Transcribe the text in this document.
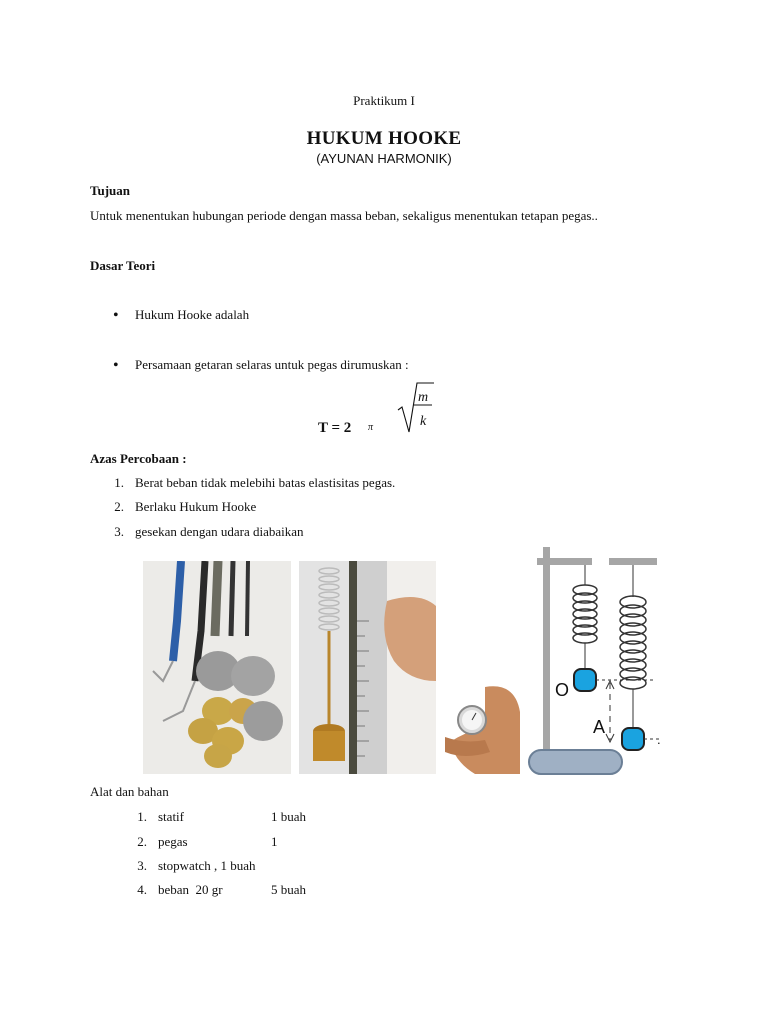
Praktikum I
HUKUM HOOKE
(AYUNAN HARMONIK)
Tujuan
Untuk menentukan hubungan periode dengan massa beban, sekaligus menentukan tetapan pegas..
Dasar Teori
• Hukum Hooke adalah
• Persamaan getaran selaras untuk pegas dirumuskan :
T = 2 π
m
k
Azas Percobaan :
1. Berat beban tidak melebihi batas elastisitas pegas.
2. Berlaku Hukum Hooke
3. gesekan dengan udara diabaikan
O
A
.
Alat dan bahan
1. statif	1 buah
2. pegas	1
3. stopwatch , 1 buah
4. beban  20 gr	5 buah
